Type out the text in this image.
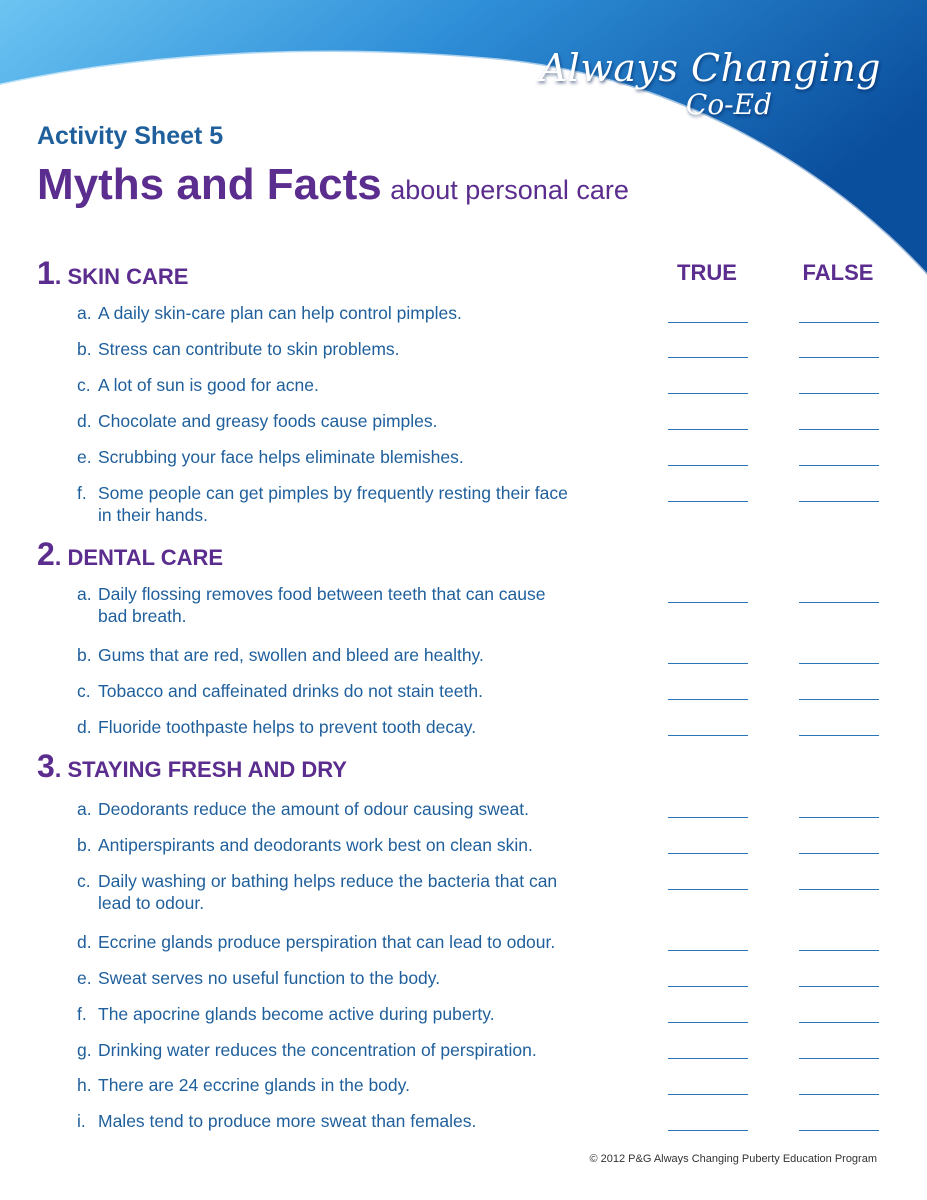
Always Changing
Co-Ed
Activity Sheet 5
Myths and Facts about personal care
TRUE	FALSE
1. SKIN CARE
a. A daily skin-care plan can help control pimples.
b. Stress can contribute to skin problems.
c. A lot of sun is good for acne.
d. Chocolate and greasy foods cause pimples.
e. Scrubbing your face helps eliminate blemishes.
f. Some people can get pimples by frequently resting their face in their hands.
2. DENTAL CARE
a. Daily flossing removes food between teeth that can cause bad breath.
b. Gums that are red, swollen and bleed are healthy.
c. Tobacco and caffeinated drinks do not stain teeth.
d. Fluoride toothpaste helps to prevent tooth decay.
3. STAYING FRESH AND DRY
a. Deodorants reduce the amount of odour causing sweat.
b. Antiperspirants and deodorants work best on clean skin.
c. Daily washing or bathing helps reduce the bacteria that can lead to odour.
d. Eccrine glands produce perspiration that can lead to odour.
e. Sweat serves no useful function to the body.
f. The apocrine glands become active during puberty.
g. Drinking water reduces the concentration of perspiration.
h. There are 24 eccrine glands in the body.
i. Males tend to produce more sweat than females.
© 2012 P&G Always Changing Puberty Education Program
